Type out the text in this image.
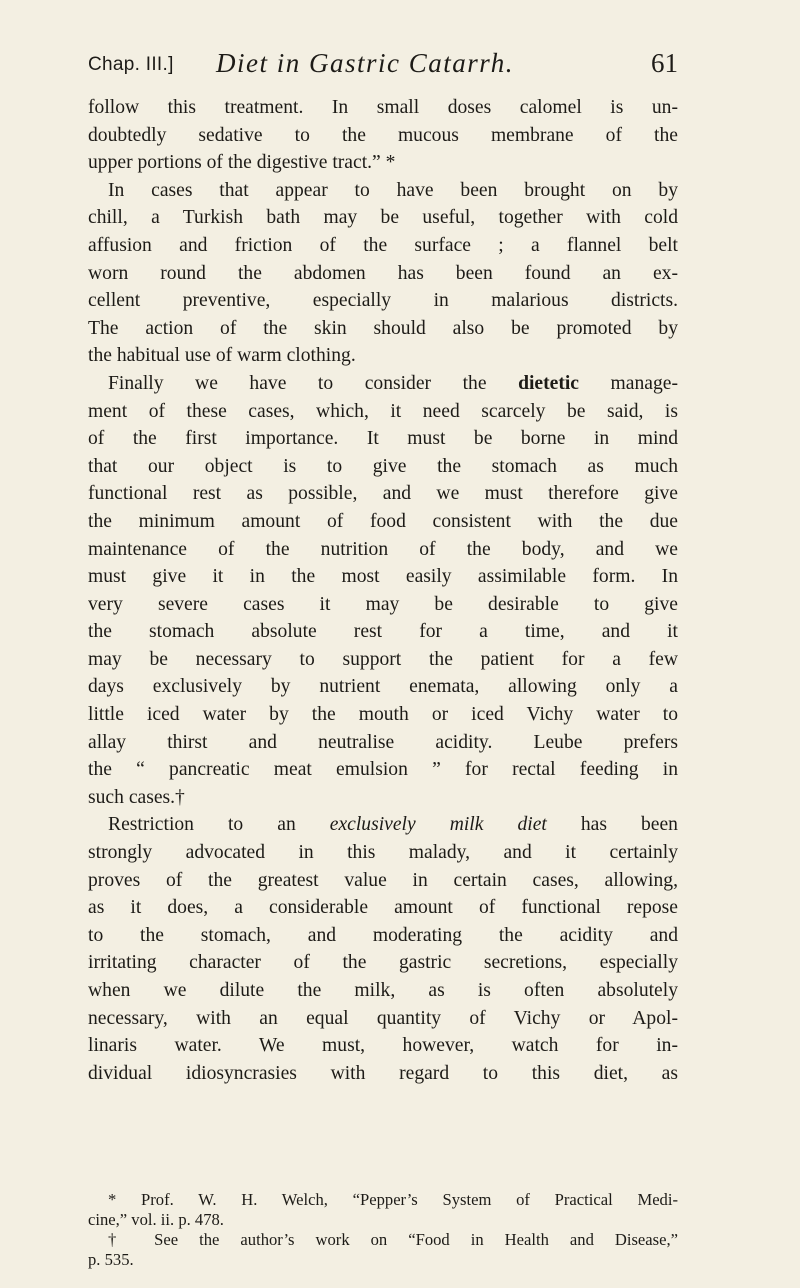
Chap. III.] Diet in Gastric Catarrh.	61
follow this treatment. In small doses calomel is un-
doubtedly sedative to the mucous membrane of the
upper portions of the digestive tract.” *
In cases that appear to have been brought on by
chill, a Turkish bath may be useful, together with cold
affusion and friction of the surface ; a flannel belt
worn round the abdomen has been found an ex-
cellent preventive, especially in malarious districts.
The action of the skin should also be promoted by
the habitual use of warm clothing.
Finally we have to consider the dietetic manage-
ment of these cases, which, it need scarcely be said, is
of the first importance. It must be borne in mind
that our object is to give the stomach as much
functional rest as possible, and we must therefore give
the minimum amount of food consistent with the due
maintenance of the nutrition of the body, and we
must give it in the most easily assimilable form. In
very severe cases it may be desirable to give
the stomach absolute rest for a time, and it
may be necessary to support the patient for a few
days exclusively by nutrient enemata, allowing only a
little iced water by the mouth or iced Vichy water to
allay thirst and neutralise acidity. Leube prefers
the “ pancreatic meat emulsion ” for rectal feeding in
such cases.†
Restriction to an exclusively milk diet has been
strongly advocated in this malady, and it certainly
proves of the greatest value in certain cases, allowing,
as it does, a considerable amount of functional repose
to the stomach, and moderating the acidity and
irritating character of the gastric secretions, especially
when we dilute the milk, as is often absolutely
necessary, with an equal quantity of Vichy or Apol-
linaris water. We must, however, watch for in-
dividual idiosyncrasies with regard to this diet, as
* Prof. W. H. Welch, “Pepper’s System of Practical Medi-
cine,” vol. ii. p. 478.
† See the author’s work on “Food in Health and Disease,”
p. 535.
